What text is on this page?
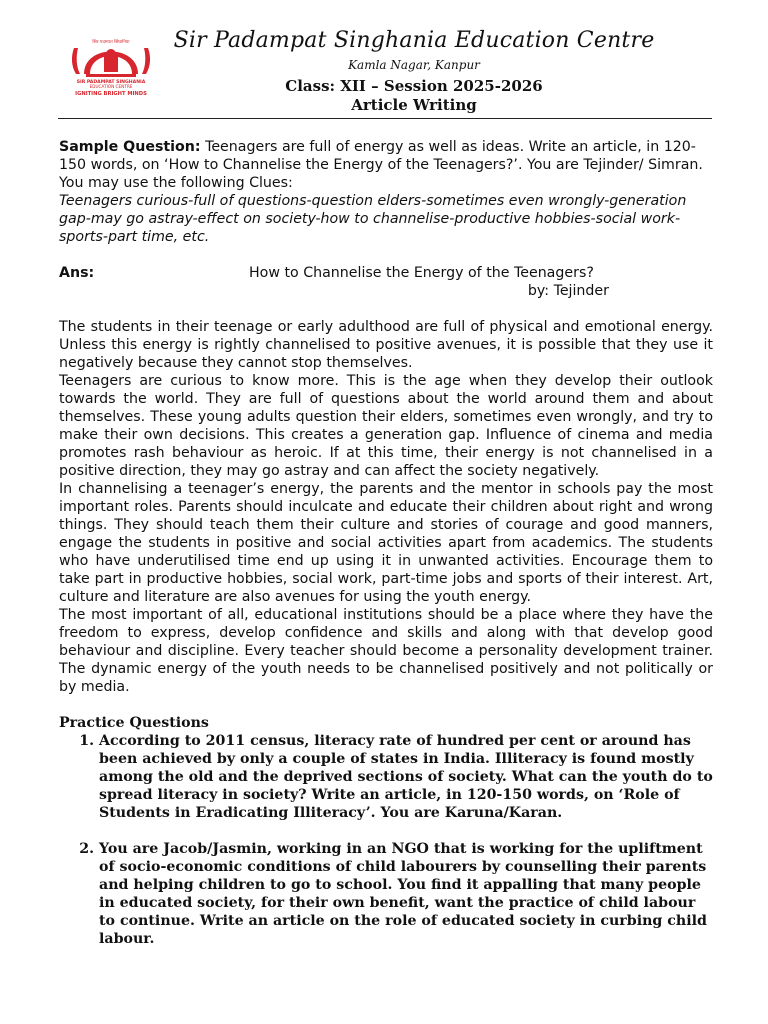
सिर पदमपत सिंघानिया
SIR PADAMPAT SINGHANIA
EDUCATION CENTRE
IGNITING BRIGHT MINDS
Sir Padampat Singhania Education Centre
Kamla Nagar, Kanpur
Class: XII – Session 2025-2026
Article Writing
Sample Question: Teenagers are full of energy as well as ideas. Write an article, in 120-150 words, on ‘How to Channelise the Energy of the Teenagers?’. You are Tejinder/ Simran. You may use the following Clues:
Teenagers curious-full of questions-question elders-sometimes even wrongly-generation gap-may go astray-effect on society-how to channelise-productive hobbies-social work-sports-part time, etc.
Ans:	How to Channelise the Energy of the Teenagers?
by: Tejinder

The students in their teenage or early adulthood are full of physical and emotional energy. Unless this energy is rightly channelised to positive avenues, it is possible that they use it negatively because they cannot stop themselves.

Teenagers are curious to know more. This is the age when they develop their outlook towards the world. They are full of questions about the world around them and about themselves. These young adults question their elders, sometimes even wrongly, and try to make their own decisions. This creates a generation gap. Influence of cinema and media promotes rash behaviour as heroic. If at this time, their energy is not channelised in a positive direction, they may go astray and can affect the society negatively.

In channelising a teenager’s energy, the parents and the mentor in schools pay the most important roles. Parents should inculcate and educate their children about right and wrong things. They should teach them their culture and stories of courage and good manners, engage the students in positive and social activities apart from academics. The students who have underutilised time end up using it in unwanted activities. Encourage them to take part in productive hobbies, social work, part-time jobs and sports of their interest. Art, culture and literature are also avenues for using the youth energy.

The most important of all, educational institutions should be a place where they have the freedom to express, develop confidence and skills and along with that develop good behaviour and discipline. Every teacher should become a personality development trainer. The dynamic energy of the youth needs to be channelised positively and not politically or by media.

Practice Questions
1. According to 2011 census, literacy rate of hundred per cent or around has been achieved by only a couple of states in India. Illiteracy is found mostly among the old and the deprived sections of society. What can the youth do to spread literacy in society? Write an article, in 120-150 words, on ‘Role of Students in Eradicating Illiteracy’. You are Karuna/Karan.
2. You are Jacob/Jasmin, working in an NGO that is working for the upliftment of socio-economic conditions of child labourers by counselling their parents and helping children to go to school. You find it appalling that many people in educated society, for their own benefit, want the practice of child labour to continue. Write an article on the role of educated society in curbing child labour.
